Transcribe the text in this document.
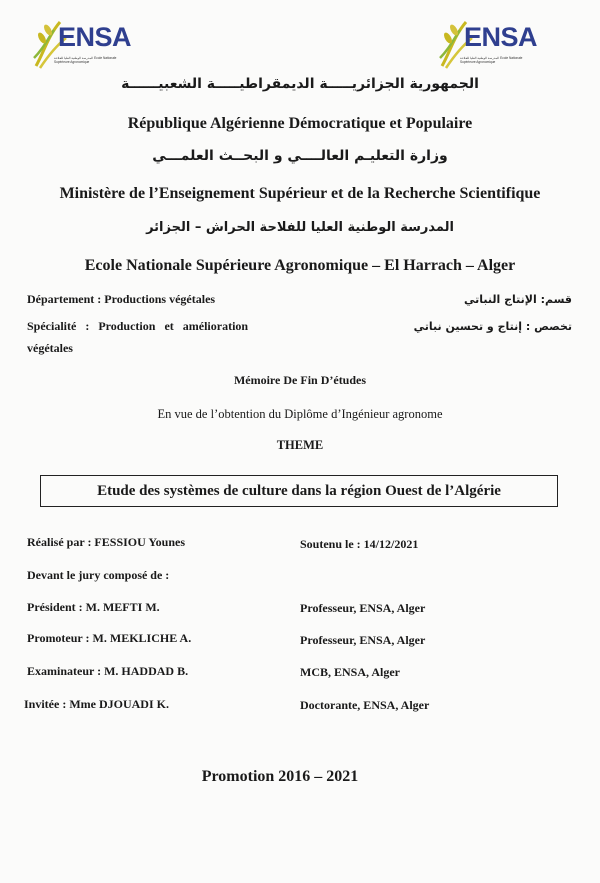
ENSA
المدرسة الوطنية العليا للفلاحة Ecole Nationale Supérieure Agronomique
ENSA
المدرسة الوطنية العليا للفلاحة Ecole Nationale Supérieure Agronomique
الجمهورية الجزائريـــــة الديمقراطيـــــة الشعبيــــــة
République Algérienne Démocratique et Populaire
وزارة التعليـم العالــــي و البحــث العلمـــي
Ministère de l’Enseignement Supérieur et de la Recherche Scientifique
المدرسة الوطنية العليا للفلاحة الحراش – الجزائر
Ecole Nationale Supérieure Agronomique – El Harrach – Alger
Département : Productions végétales	قسم: الإنتاج النباتي
Spécialité   :   Production   et   amélioration
végétales
تخصص : إنتاج و تحسين نباتي
Mémoire De Fin D’études
En vue de l’obtention du Diplôme d’Ingénieur agronome
THEME
Etude des systèmes de culture dans la région Ouest de l’Algérie
Réalisé par : FESSIOU Younes	Soutenu le : 14/12/2021
Devant le jury composé de :
Président : M. MEFTI M.	Professeur, ENSA, Alger
Promoteur : M. MEKLICHE A.	Professeur, ENSA, Alger
Examinateur : M. HADDAD B.	MCB, ENSA, Alger
Invitée : Mme DJOUADI K.	Doctorante, ENSA, Alger
Promotion 2016 – 2021
